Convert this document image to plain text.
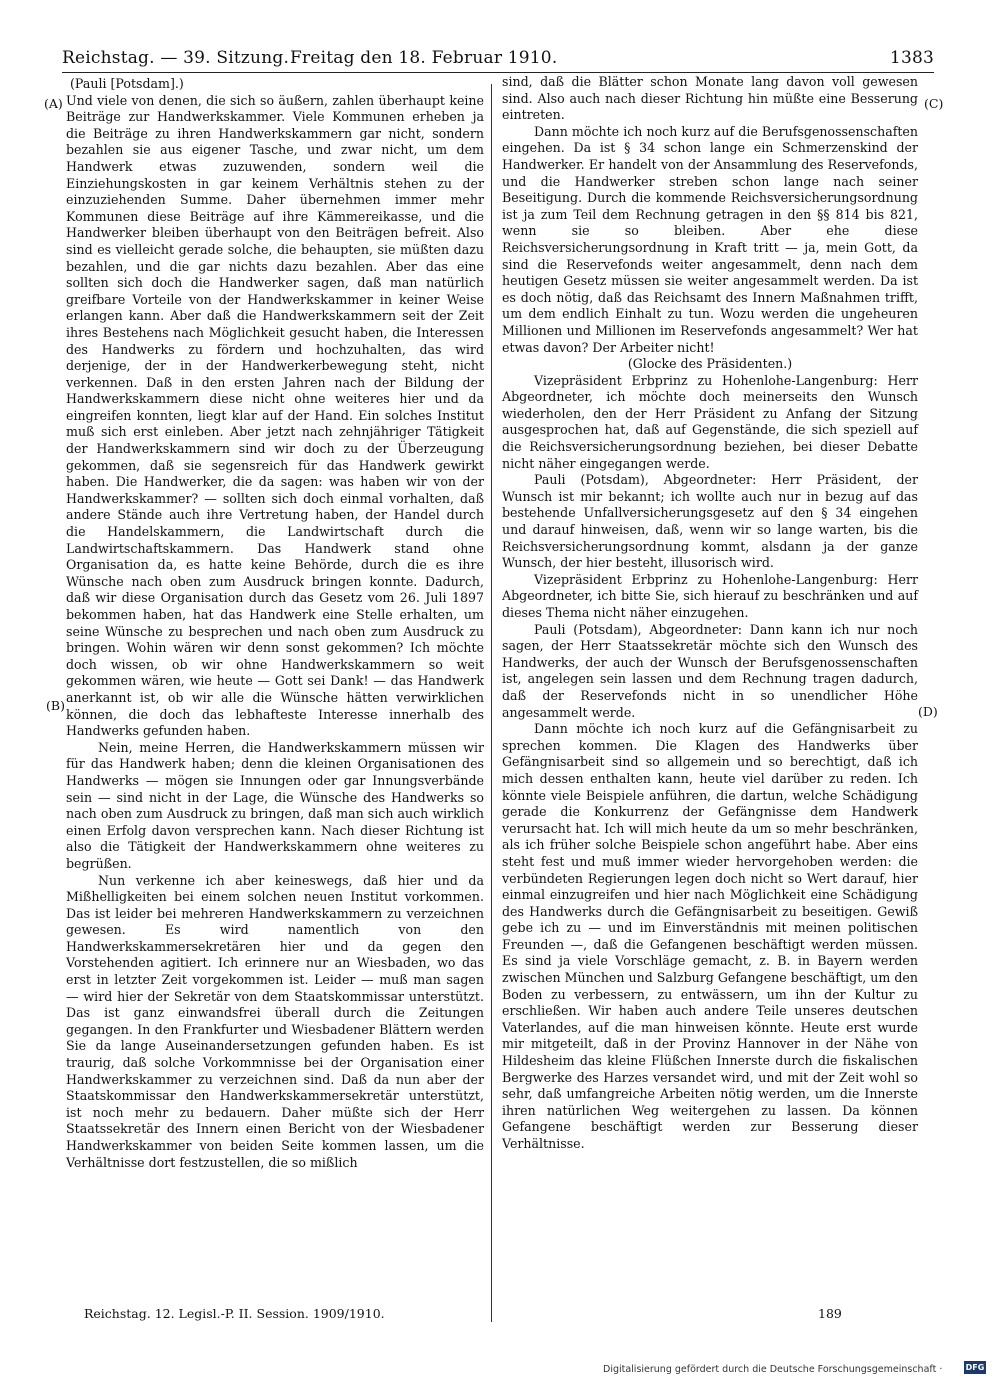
Reichstag. — 39. Sitzung. Freitag den 18. Februar 1910.	1383
(A)
(B)
(C)
(D)

(Pauli [Potsdam].)

Und viele von denen, die sich so äußern, zahlen überhaupt keine Beiträge zur Handwerkskammer. Viele Kommunen erheben ja die Beiträge zu ihren Handwerkskammern gar nicht, sondern bezahlen sie aus eigener Tasche, und zwar nicht, um dem Handwerk etwas zuzuwenden, sondern weil die Einziehungskosten in gar keinem Verhältnis stehen zu der einzuziehenden Summe. Daher übernehmen immer mehr Kommunen diese Beiträge auf ihre Kämmereikasse, und die Handwerker bleiben überhaupt von den Beiträgen befreit. Also sind es vielleicht gerade solche, die behaupten, sie müßten dazu bezahlen, und die gar nichts dazu bezahlen. Aber das eine sollten sich doch die Handwerker sagen, daß man natürlich greifbare Vorteile von der Handwerkskammer in keiner Weise erlangen kann. Aber daß die Handwerkskammern seit der Zeit ihres Bestehens nach Möglichkeit gesucht haben, die Interessen des Handwerks zu fördern und hochzuhalten, das wird derjenige, der in der Handwerkerbewegung steht, nicht verkennen. Daß in den ersten Jahren nach der Bildung der Handwerkskammern diese nicht ohne weiteres hier und da eingreifen konnten, liegt klar auf der Hand. Ein solches Institut muß sich erst einleben. Aber jetzt nach zehnjähriger Tätigkeit der Handwerkskammern sind wir doch zu der Überzeugung gekommen, daß sie segensreich für das Handwerk gewirkt haben. Die Handwerker, die da sagen: was haben wir von der Handwerkskammer? — sollten sich doch einmal vorhalten, daß andere Stände auch ihre Vertretung haben, der Handel durch die Handelskammern, die Landwirtschaft durch die Landwirtschaftskammern. Das Handwerk stand ohne Organisation da, es hatte keine Behörde, durch die es ihre Wünsche nach oben zum Ausdruck bringen konnte. Dadurch, daß wir diese Organisation durch das Gesetz vom 26. Juli 1897 bekommen haben, hat das Handwerk eine Stelle erhalten, um seine Wünsche zu besprechen und nach oben zum Ausdruck zu bringen. Wohin wären wir denn sonst gekommen? Ich möchte doch wissen, ob wir ohne Handwerkskammern so weit gekommen wären, wie heute — Gott sei Dank! — das Handwerk anerkannt ist, ob wir alle die Wünsche hätten verwirklichen können, die doch das lebhafteste Interesse innerhalb des Handwerks gefunden haben.

Nein, meine Herren, die Handwerkskammern müssen wir für das Handwerk haben; denn die kleinen Organisationen des Handwerks — mögen sie Innungen oder gar Innungsverbände sein — sind nicht in der Lage, die Wünsche des Handwerks so nach oben zum Ausdruck zu bringen, daß man sich auch wirklich einen Erfolg davon versprechen kann. Nach dieser Richtung ist also die Tätigkeit der Handwerkskammern ohne weiteres zu begrüßen.

Nun verkenne ich aber keineswegs, daß hier und da Mißhelligkeiten bei einem solchen neuen Institut vorkommen. Das ist leider bei mehreren Handwerkskammern zu verzeichnen gewesen. Es wird namentlich von den Handwerkskammersekretären hier und da gegen den Vorstehenden agitiert. Ich erinnere nur an Wiesbaden, wo das erst in letzter Zeit vorgekommen ist. Leider — muß man sagen — wird hier der Sekretär von dem Staatskommissar unterstützt. Das ist ganz einwandsfrei überall durch die Zeitungen gegangen. In den Frankfurter und Wiesbadener Blättern werden Sie da lange Auseinandersetzungen gefunden haben. Es ist traurig, daß solche Vorkommnisse bei der Organisation einer Handwerkskammer zu verzeichnen sind. Daß da nun aber der Staatskommissar den Handwerkskammersekretär unterstützt, ist noch mehr zu bedauern. Daher müßte sich der Herr Staatssekretär des Innern einen Bericht von der Wiesbadener Handwerkskammer von beiden Seite kommen lassen, um die Verhältnisse dort festzustellen, die so mißlich

sind, daß die Blätter schon Monate lang davon voll gewesen sind. Also auch nach dieser Richtung hin müßte eine Besserung eintreten.

Dann möchte ich noch kurz auf die Berufsgenossenschaften eingehen. Da ist § 34 schon lange ein Schmerzenskind der Handwerker. Er handelt von der Ansammlung des Reservefonds, und die Handwerker streben schon lange nach seiner Beseitigung. Durch die kommende Reichsversicherungsordnung ist ja zum Teil dem Rechnung getragen in den §§ 814 bis 821, wenn sie so bleiben. Aber ehe diese Reichsversicherungsordnung in Kraft tritt — ja, mein Gott, da sind die Reservefonds weiter angesammelt, denn nach dem heutigen Gesetz müssen sie weiter angesammelt werden. Da ist es doch nötig, daß das Reichsamt des Innern Maßnahmen trifft, um dem endlich Einhalt zu tun. Wozu werden die ungeheuren Millionen und Millionen im Reservefonds angesammelt? Wer hat etwas davon? Der Arbeiter nicht!

(Glocke des Präsidenten.)

Vizepräsident Erbprinz zu Hohenlohe-Langenburg: Herr Abgeordneter, ich möchte doch meinerseits den Wunsch wiederholen, den der Herr Präsident zu Anfang der Sitzung ausgesprochen hat, daß auf Gegenstände, die sich speziell auf die Reichsversicherungsordnung beziehen, bei dieser Debatte nicht näher eingegangen werde.

Pauli (Potsdam), Abgeordneter: Herr Präsident, der Wunsch ist mir bekannt; ich wollte auch nur in bezug auf das bestehende Unfallversicherungsgesetz auf den § 34 eingehen und darauf hinweisen, daß, wenn wir so lange warten, bis die Reichsversicherungsordnung kommt, alsdann ja der ganze Wunsch, der hier besteht, illusorisch wird.

Vizepräsident Erbprinz zu Hohenlohe-Langenburg: Herr Abgeordneter, ich bitte Sie, sich hierauf zu beschränken und auf dieses Thema nicht näher einzugehen.

Pauli (Potsdam), Abgeordneter: Dann kann ich nur noch sagen, der Herr Staatssekretär möchte sich den Wunsch des Handwerks, der auch der Wunsch der Berufsgenossenschaften ist, angelegen sein lassen und dem Rechnung tragen dadurch, daß der Reservefonds nicht in so unendlicher Höhe angesammelt werde.

Dann möchte ich noch kurz auf die Gefängnisarbeit zu sprechen kommen. Die Klagen des Handwerks über Gefängnisarbeit sind so allgemein und so berechtigt, daß ich mich dessen enthalten kann, heute viel darüber zu reden. Ich könnte viele Beispiele anführen, die dartun, welche Schädigung gerade die Konkurrenz der Gefängnisse dem Handwerk verursacht hat. Ich will mich heute da um so mehr beschränken, als ich früher solche Beispiele schon angeführt habe. Aber eins steht fest und muß immer wieder hervorgehoben werden: die verbündeten Regierungen legen doch nicht so Wert darauf, hier einmal einzugreifen und hier nach Möglichkeit eine Schädigung des Handwerks durch die Gefängnisarbeit zu beseitigen. Gewiß gebe ich zu — und im Einverständnis mit meinen politischen Freunden —, daß die Gefangenen beschäftigt werden müssen. Es sind ja viele Vorschläge gemacht, z. B. in Bayern werden zwischen München und Salzburg Gefangene beschäftigt, um den Boden zu verbessern, zu entwässern, um ihn der Kultur zu erschließen. Wir haben auch andere Teile unseres deutschen Vaterlandes, auf die man hinweisen könnte. Heute erst wurde mir mitgeteilt, daß in der Provinz Hannover in der Nähe von Hildesheim das kleine Flüßchen Innerste durch die fiskalischen Bergwerke des Harzes versandet wird, und mit der Zeit wohl so sehr, daß umfangreiche Arbeiten nötig werden, um die Innerste ihren natürlichen Weg weitergehen zu lassen. Da können Gefangene beschäftigt werden zur Besserung dieser Verhältnisse.

Reichstag. 12. Legisl.-P. II. Session. 1909/1910.	189
Digitalisierung gefördert durch die Deutsche Forschungsgemeinschaft ·	DFG
